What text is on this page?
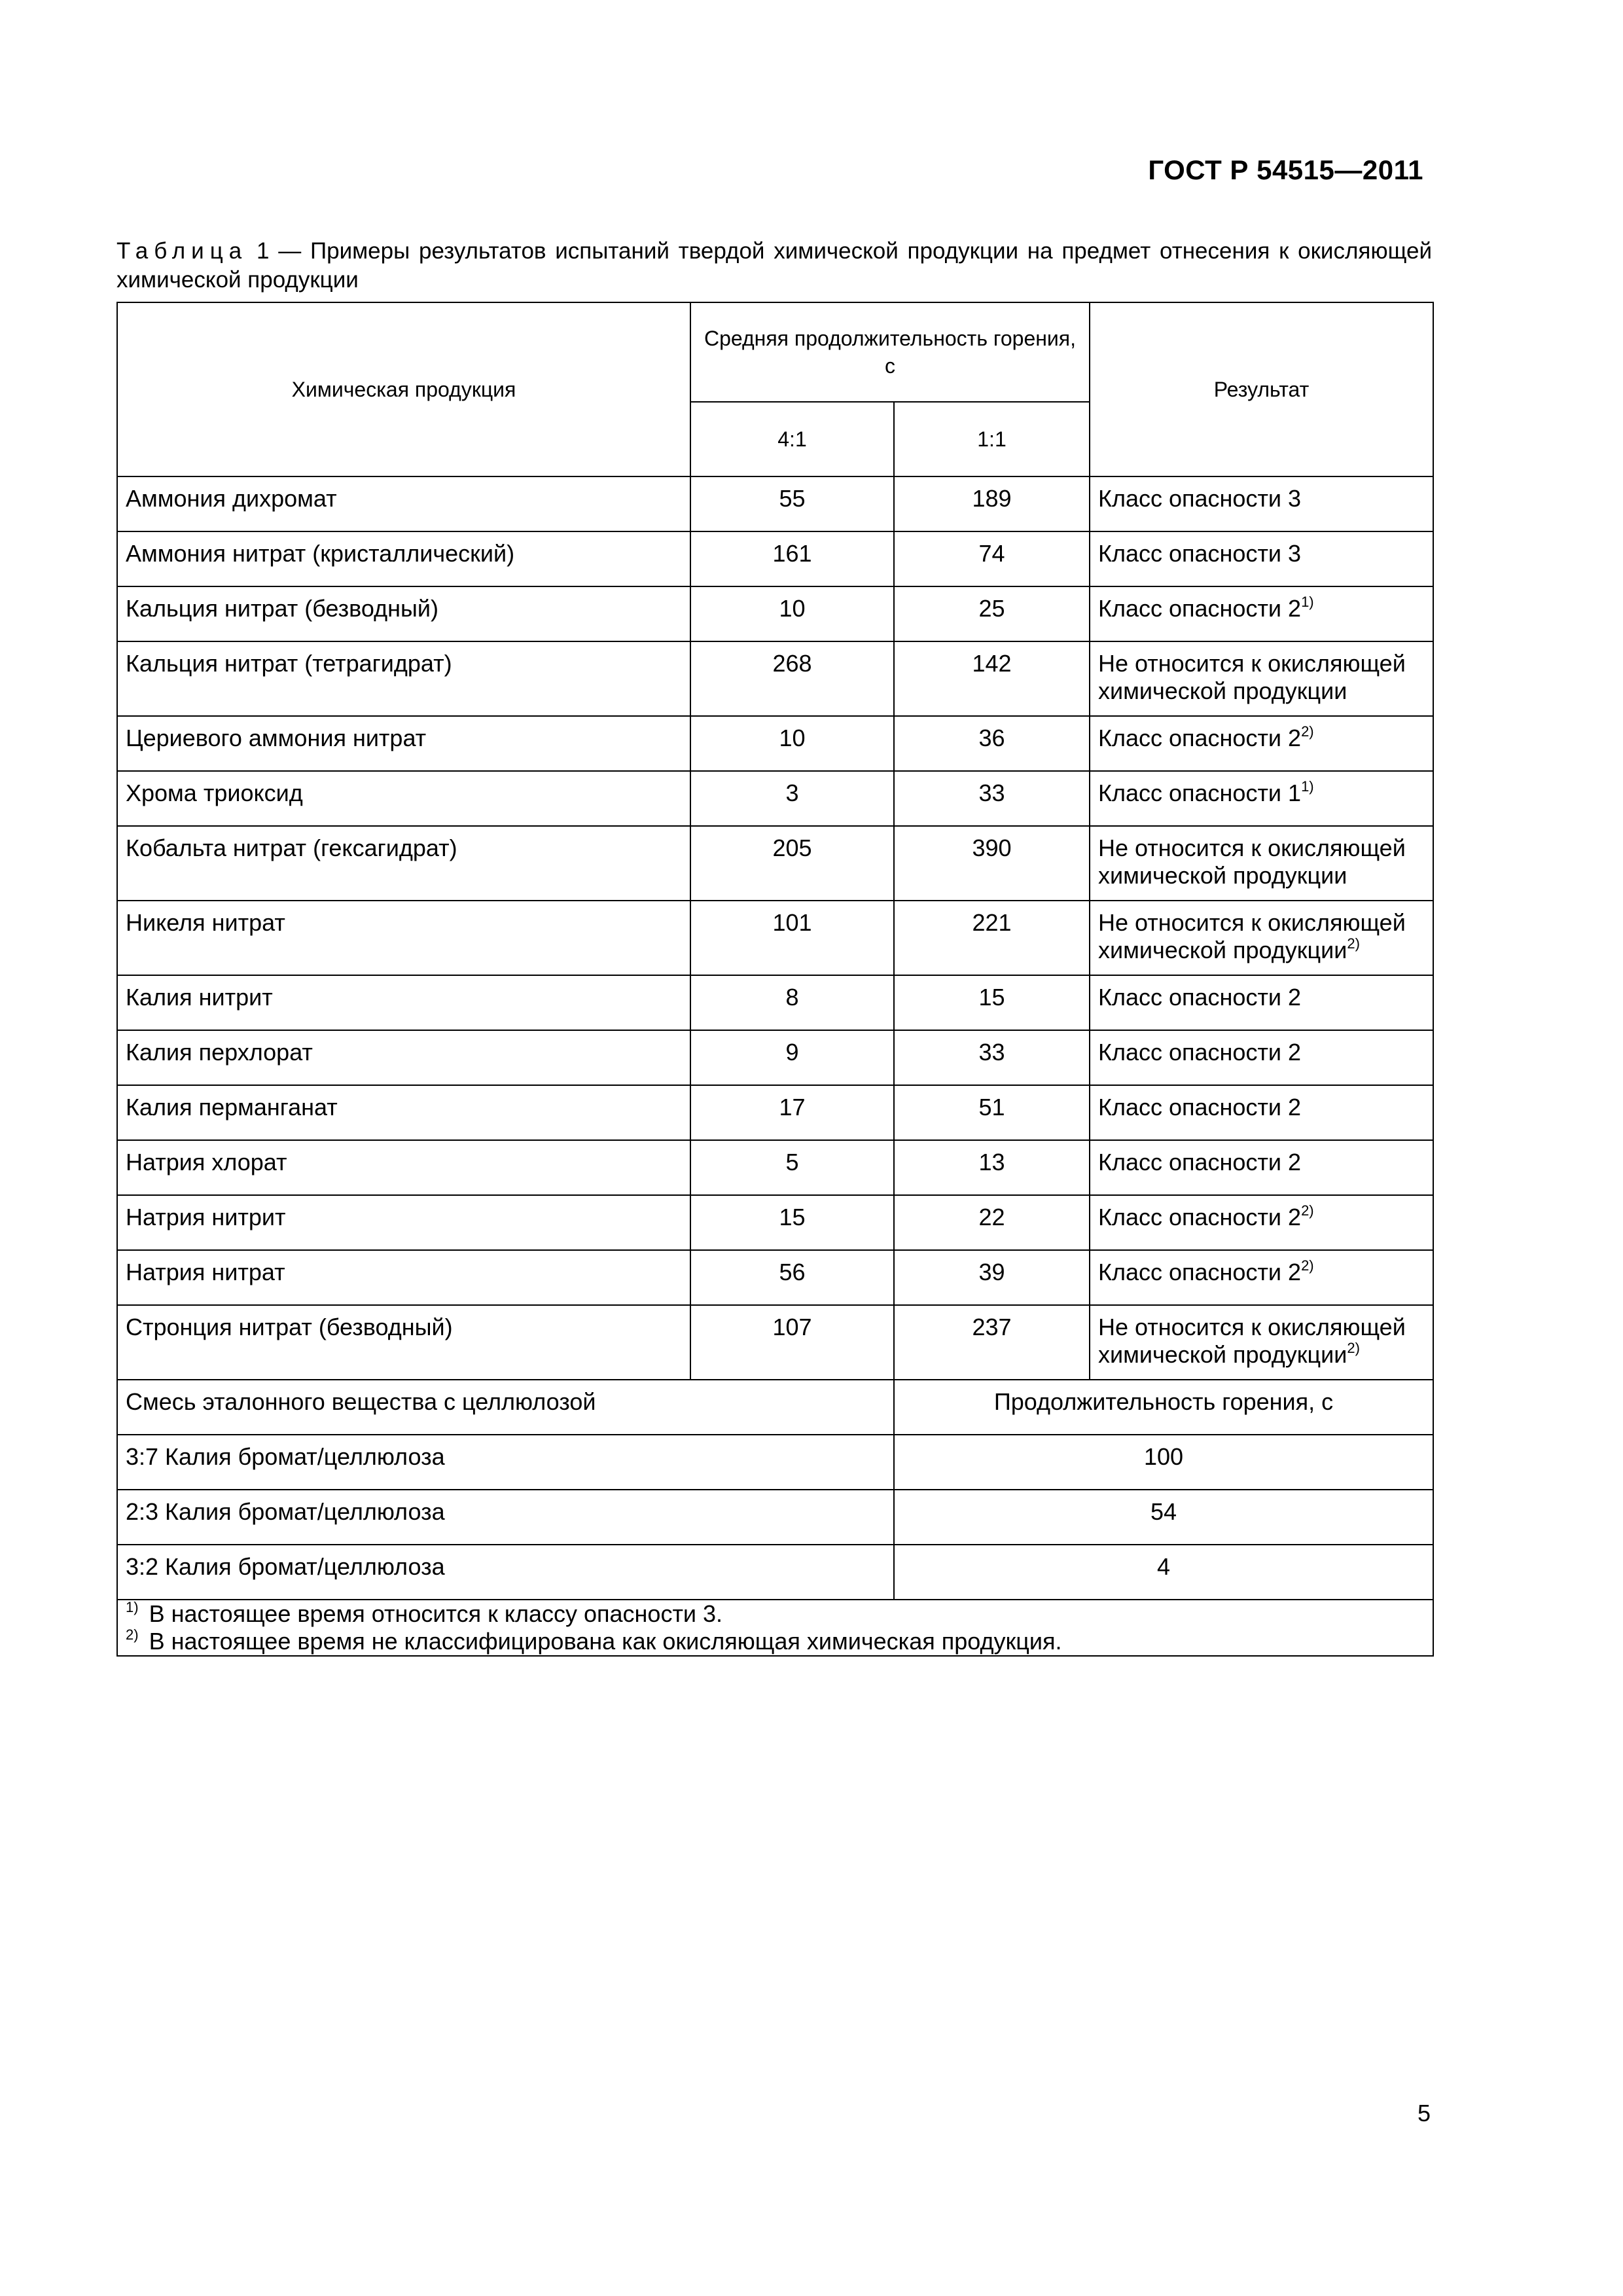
ГОСТ Р 54515—2011
Таблица 1 — Примеры результатов испытаний твердой химической продукции на предмет отнесения к окисляющей химической продукции
Химическая продукция	Средняя продолжительность горения, с		Результат
	4:1	1:1	
Аммония дихромат	55	189	Класс опасности 3
Аммония нитрат (кристаллический)	161	74	Класс опасности 3
Кальция нитрат (безводный)	10	25	Класс опасности 2$^{1)}$
Кальция нитрат (тетрагидрат)	268	142	Не относится к окисляющей химической продукции
Цериевого аммония нитрат	10	36	Класс опасности 2$^{2)}$
Хрома триоксид	3	33	Класс опасности 1$^{1)}$
Кобальта нитрат (гексагидрат)	205	390	Не относится к окисляющей химической продукции
Никеля нитрат	101	221	Не относится к окисляющей химической продукции$^{2)}$
Калия нитрит	8	15	Класс опасности 2
Калия перхлорат	9	33	Класс опасности 2
Калия перманганат	17	51	Класс опасности 2
Натрия хлорат	5	13	Класс опасности 2
Натрия нитрит	15	22	Класс опасности 2$^{2)}$
Натрия нитрат	56	39	Класс опасности 2$^{2)}$
Стронция нитрат (безводный)	107	237	Не относится к окисляющей химической продукции$^{2)}$
Смесь эталонного вещества с целлюлозой		Продолжительность горения, с	
3:7 Калия бромат/целлюлоза		100	
2:3 Калия бромат/целлюлоза		54	
3:2 Калия бромат/целлюлоза		4	

$^{1)}$ В настоящее время относится к классу опасности 3.
$^{2)}$ В настоящее время не классифицирована как окисляющая химическая продукция.			
5
